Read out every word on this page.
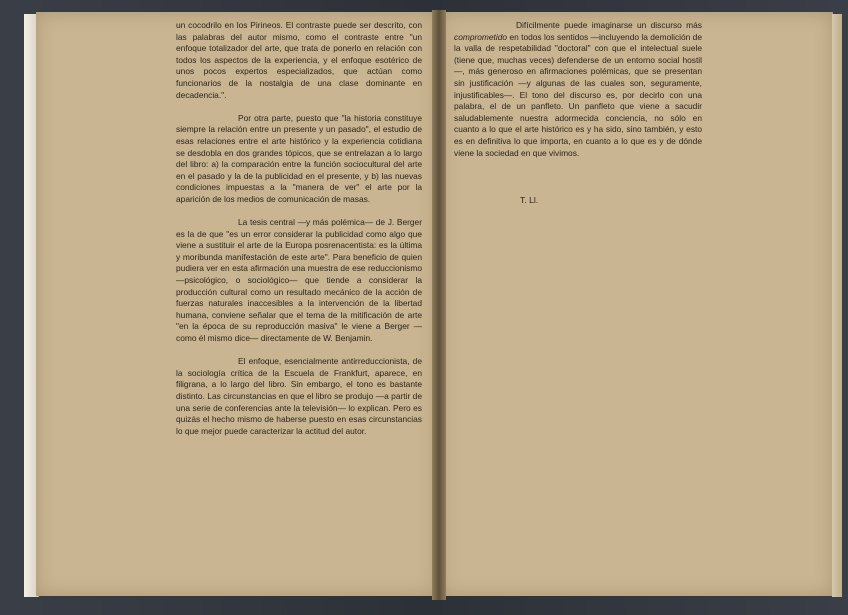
un cocodrilo en los Pirineos. El contraste puede ser descrito, con las palabras del autor mismo, como el contraste entre "un enfoque totalizador del arte, que trata de ponerlo en relación con todos los aspectos de la experiencia, y el enfoque esotérico de unos pocos expertos especializados, que actúan como funcionarios de la nostalgia de una clase dominante en decadencia.".

Por otra parte, puesto que "la historia constituye siempre la relación entre un presente y un pasado", el estudio de esas relaciones entre el arte histórico y la experiencia cotidiana se desdobla en dos grandes tópicos, que se entrelazan a lo largo del libro: a) la comparación entre la función sociocultural del arte en el pasado y la de la publicidad en el presente, y b) las nuevas condiciones impuestas a la "manera de ver" el arte por la aparición de los medios de comunicación de masas.

La tesis central —y más polémica— de J. Berger es la de que "es un error considerar la publicidad como algo que viene a sustituir el arte de la Europa posrenacentista: es la última y moribunda manifestación de este arte". Para beneficio de quien pudiera ver en esta afirmación una muestra de ese reduccionismo —psicológico, o sociológico— que tiende a considerar la producción cultural como un resultado mecánico de la acción de fuerzas naturales inaccesibles a la intervención de la libertad humana, conviene señalar que el tema de la mitificación de arte "en la época de su reproducción masiva" le viene a Berger —como él mismo dice— directamente de W. Benjamin.

El enfoque, esencialmente antirreduccionista, de la sociología crítica de la Escuela de Frankfurt, aparece, en filigrana, a lo largo del libro. Sin embargo, el tono es bastante distinto. Las circunstancias en que el libro se produjo —a partir de una serie de conferencias ante la televisión— lo explican. Pero es quizás el hecho mismo de haberse puesto en esas circunstancias lo que mejor puede caracterizar la actitud del autor.

Difícilmente puede imaginarse un discurso más comprometido en todos los sentidos —incluyendo la demolición de la valla de respetabilidad "doctoral" con que el intelectual suele (tiene que, muchas veces) defenderse de un entorno social hostil—, más generoso en afirmaciones polémicas, que se presentan sin justificación —y algunas de las cuales son, seguramente, injustificables—. El tono del discurso es, por decirlo con una palabra, el de un panfleto. Un panfleto que viene a sacudir saludablemente nuestra adormecida conciencia, no sólo en cuanto a lo que el arte histórico es y ha sido, sino también, y esto es en definitiva lo que importa, en cuanto a lo que es y de dónde viene la sociedad en que vivimos.

T. Ll.
